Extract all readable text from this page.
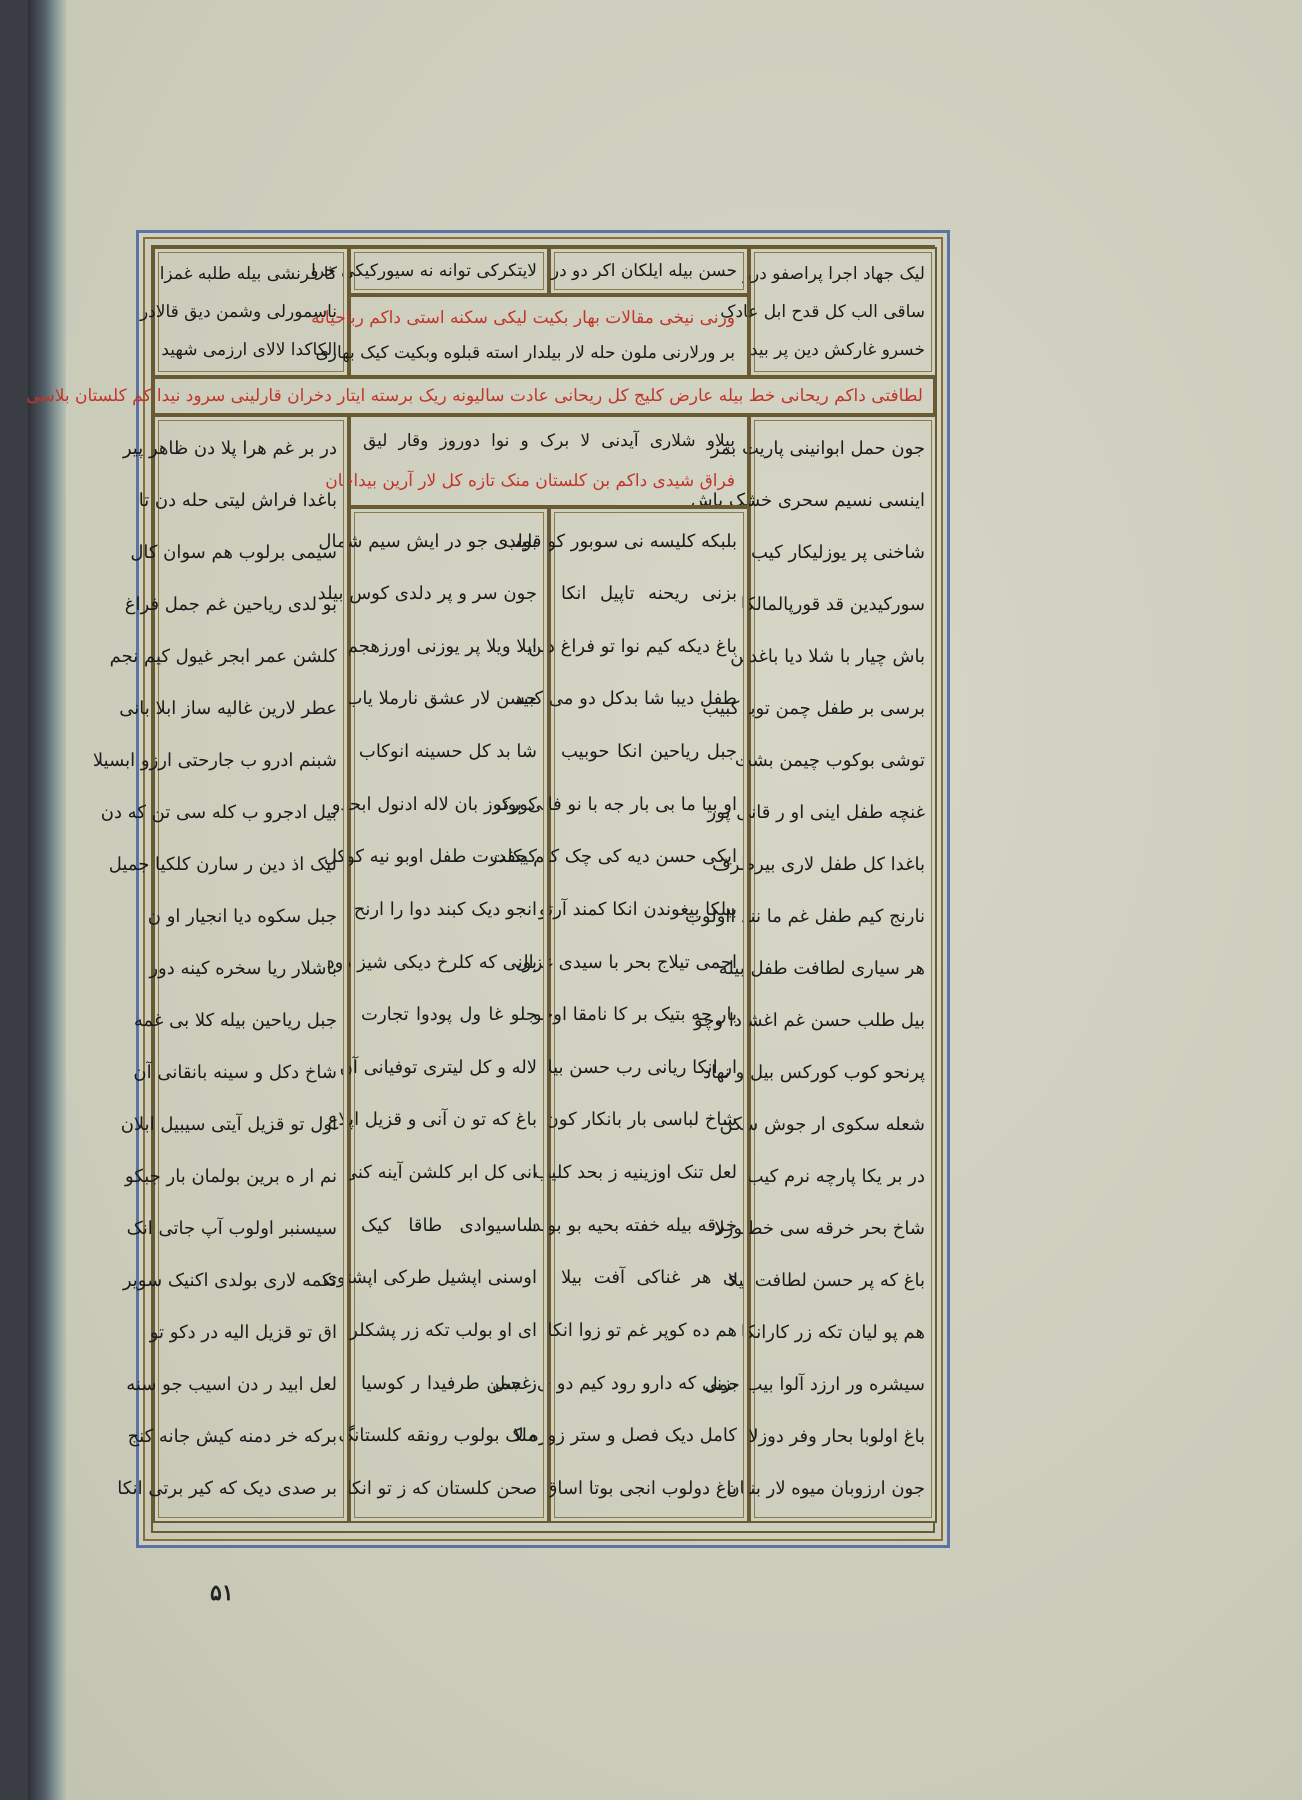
لیک جهاد اجرا پراصفو درو
ساقی الب کل قدح ابل عادک
خسرو غارکش دین پر بید
حسن بیله ایلکان اکر دو در
لایتکرکی توانه نه سیورکیکی خرا
کا فرنشی بیله طلبه غمزا
ناسمورلی وشمن دیق قالادر
الکاکدا لالای ارزمی شهید
ورنی نیخی مقالات بهار بکیت لیکی سکنه استی داکم رباحیانه
بر ورلارنی ملون حله لار بیلدار استه قبلوه وبکیت کیک بهاری
لطافتی داکم ریحانی خط بیله عارض کلیج کل ریحانی عادت سالیونه ریک برسته ایتار دخران قارلینی سرود نیدا کم کلستان بلاسی
جون حمل ابوانینی پاریت بمر
اینسی نسیم سحری خشک باش
شاخنی پر یوزلیکار کیب
سورکیدین قد قورپالمالکا
باش چیار با شلا دیا باغدین
برسی بر طفل چمن توبا کبیب
توشی بوکوب چیمن بشت
غنچه طفل اینی او ر قانی پور
باغدا کل طفل لاری بیرطرف
نارنج کیم طفل غم ما نند ااولوب
هر سیاری لطافت طفل بیله
بیل طلب حسن غم اغشادا وچو
پرنحو کوب کورکس بیل و نهاد
شعله سکوی ار جوش سکن
در بر یکا پارچه نرم کیب
شاخ بحر خرقه سی خطبوزلا
باغ که پر حسن لطافت بیلا
هم پو لیان تکه زر کارانکا
سیشره ور ارزد آلوا بیب حمل
باغ اولوبا بحار وفر دوزلا
جون ارزوبان میوه لار بنیان
بیلاو شلاری آیدنی لا برک و نوا دوروز وقار لیق
فراق شیدی داکم بن کلستان منک تازه کل لار آرین بیداجان
بلبکه کلیسه نی سوبور کو قلیب
بزنی ریحنه تاپیل انکا
باغ دیکه کیم نوا تو فراغ دین
طفل دیبا شا بدکل دو می کبید
جبل ریاحین انکا حوبیب
او بیا ما بی بار جه با نو فانی بوتر
ایکی حسن دیه کی چک کیم جفت
بیلکا بیغوندن انکا کمند آرتو
احمی تیلاج بحر با سیدی غزال
بار جه بتیک بر کا نامقا اوچو
ار انکا ریانی رب حسن بیلا
شاخ لباسی بار بانکار کون
لعل تنک اوزینیه ز بحد کلیب
خرقه بیله خفته بحیه بو بولدا
ی هر غناکی آفت بیلا
هم ده کوپر غم تو زوا انکا
بزنی که دارو رود کیم دو ی غسل
کامل دیک فصل و ستر زوره لا
باغ دولوب انجی بوتا اساق
بولدی جو در ایش سیم شمال
جون سر و پر دلدی کوس بیلد
ایلا ویلا پر یوزنی اورزهجم
حسن لار عشق نارملا یاب
شا بد کل حسینه انوکاب
کورکوز بان لاله ادنول ابحدو
کیکلدرت طفل اوبو نیه کوکل
انجو دیک کبند دوا را ارنح
بونی که کلرخ دیکی شیز دود
جلو غا ول پودوا تجارت
لاله و کل لیتری توفیانی آن
باغ که تو ن آنی و قزیل اپلاع
انی کل ابر کلشن آینه کنی
ساسیوادی طاقا کیک
اوسنی اپشیل طرکی اپشتوی
ای او بولب تکه زر پشکلر
ز جمن طرفیدا ر کوسیا
ملک بولوب رونقه کلستانگ
صحن کلستان که ز تو انکا
در بر غم هرا پلا دن ظاهر پیر
باغدا فراش لیتی حله دن تا
سیمی برلوب هم سوان کال
بو لدی ریاحین غم جمل فراغ
کلشن عمر ابجر غیول کیم نجم
عطر لارین غالیه ساز ابلا بانی
شبنم ادرو ب جارحتی ارزو ابسیلا
بیل ادجرو ب کله سی تن که دن
لیک اذ دین ر سارن کلکیا جمیل
جبل سکوه دیا انجیار او ن
باشلار ریا سخره کینه دور
جبل ریاحین بیله کلا بی غمه
شاخ دکل و سینه بانقانی آن
اول تو قزیل آیتی سیبیل ابلان
نم ار ه برین بولمان بار جبکو
سیسنبر اولوب آپ جاتی انک
تکمه لاری بولدی اکنیک سویر
اق تو قزیل الیه در دکو تو
لعل ابید ر دن اسیب جو سنه
برکه خر دمنه کیش جانه کنج
بر صدی دیک که کیر برتی انکا
۵۱
